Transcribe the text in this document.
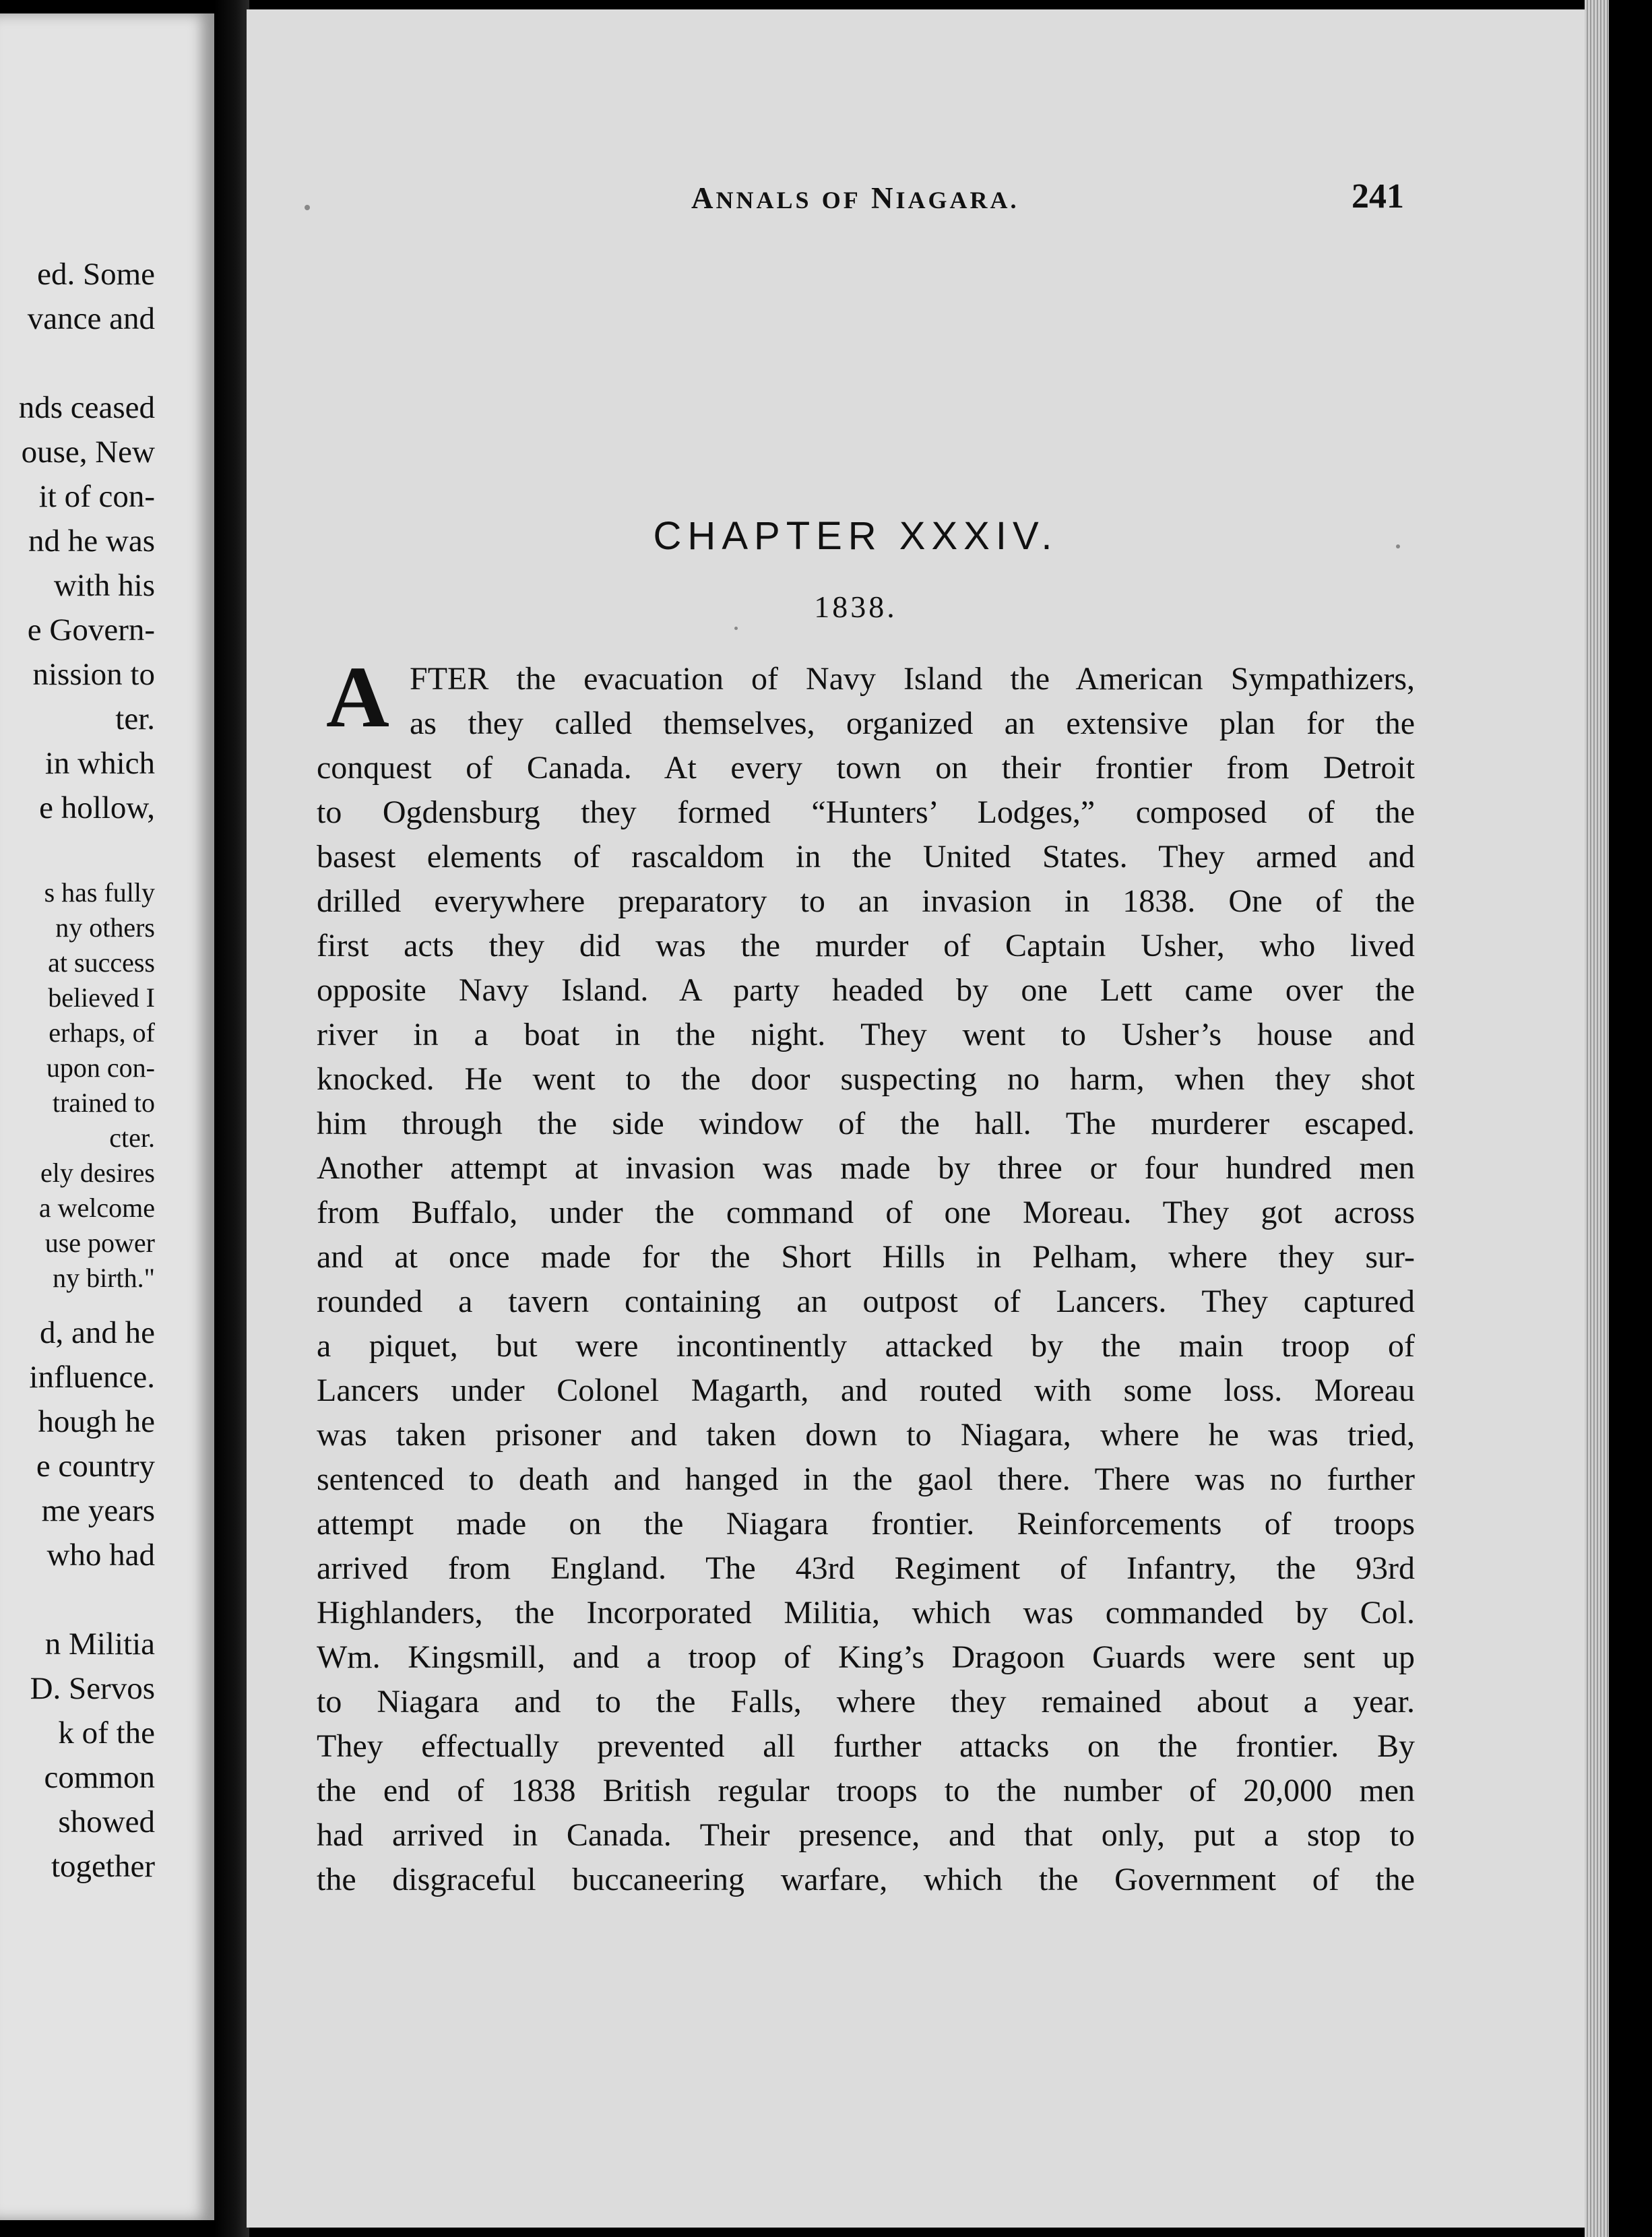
ed. Some
vance and
nds ceased
ouse, New
it of con-
nd he was
with his
e Govern-
nission to
ter.
in which
e hollow,
s has fully
ny others
at success
believed I
erhaps, of
upon con-
trained to
cter.
ely desires
a welcome
use power
ny birth."
d, and he
influence.
hough he
e country
me years
who had
n Militia
D. Servos
k of the
common
showed
together
ANNALS OF NIAGARA.	241
CHAPTER XXXIV.
1838.
A FTER the evacuation of Navy Island the American Sympathizers,
as they called themselves, organized an extensive plan for the
conquest of Canada. At every town on their frontier from Detroit
to Ogdensburg they formed “Hunters’ Lodges,” composed of the
basest elements of rascaldom in the United States. They armed and
drilled everywhere preparatory to an invasion in 1838. One of the
first acts they did was the murder of Captain Usher, who lived
opposite Navy Island. A party headed by one Lett came over the
river in a boat in the night. They went to Usher’s house and
knocked. He went to the door suspecting no harm, when they shot
him through the side window of the hall. The murderer escaped.
Another attempt at invasion was made by three or four hundred men
from Buffalo, under the command of one Moreau. They got across
and at once made for the Short Hills in Pelham, where they sur-
rounded a tavern containing an outpost of Lancers. They captured
a piquet, but were incontinently attacked by the main troop of
Lancers under Colonel Magarth, and routed with some loss. Moreau
was taken prisoner and taken down to Niagara, where he was tried,
sentenced to death and hanged in the gaol there. There was no further
attempt made on the Niagara frontier. Reinforcements of troops
arrived from England. The 43rd Regiment of Infantry, the 93rd
Highlanders, the Incorporated Militia, which was commanded by Col.
Wm. Kingsmill, and a troop of King’s Dragoon Guards were sent up
to Niagara and to the Falls, where they remained about a year.
They effectually prevented all further attacks on the frontier. By
the end of 1838 British regular troops to the number of 20,000 men
had arrived in Canada. Their presence, and that only, put a stop to
the disgraceful buccaneering warfare, which the Government of the
